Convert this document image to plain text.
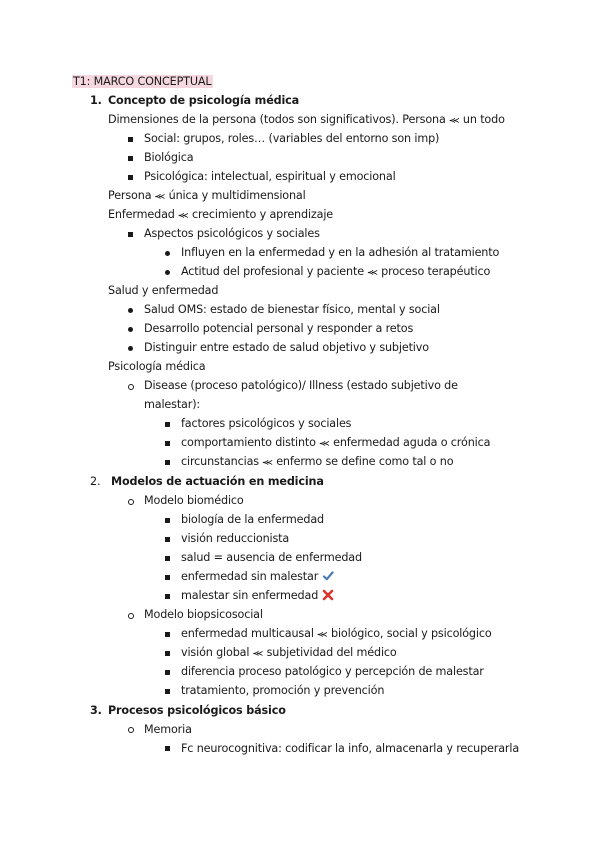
T1: MARCO CONCEPTUAL
1. Concepto de psicología médica
Dimensiones de la persona (todos son significativos). Persona ⪻ un todo
Social: grupos, roles… (variables del entorno son imp)
Biológica
Psicológica: intelectual, espiritual y emocional
Persona ⪻ única y multidimensional
Enfermedad ⪻ crecimiento y aprendizaje
Aspectos psicológicos y sociales
Influyen en la enfermedad y en la adhesión al tratamiento
Actitud del profesional y paciente ⪻ proceso terapéutico
Salud y enfermedad
Salud OMS: estado de bienestar físico, mental y social
Desarrollo potencial personal y responder a retos
Distinguir entre estado de salud objetivo y subjetivo
Psicología médica
Disease (proceso patológico)/ Illness (estado subjetivo de
malestar):
factores psicológicos y sociales
comportamiento distinto ⪻ enfermedad aguda o crónica
circunstancias ⪻ enfermo se define como tal o no
2. Modelos de actuación en medicina
Modelo biomédico
biología de la enfermedad
visión reduccionista
salud = ausencia de enfermedad
enfermedad sin malestar
malestar sin enfermedad
Modelo biopsicosocial
enfermedad multicausal ⪻ biológico, social y psicológico
visión global ⪻ subjetividad del médico
diferencia proceso patológico y percepción de malestar
tratamiento, promoción y prevención
3. Procesos psicológicos básico
Memoria
Fc neurocognitiva: codificar la info, almacenarla y recuperarla
